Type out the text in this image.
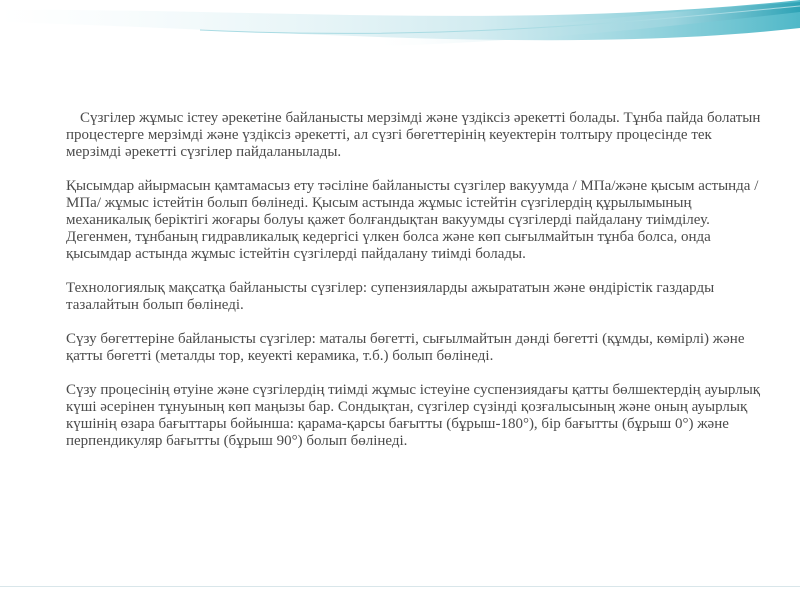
Сүзгілер жұмыс істеу әрекетіне байланысты мерзімді және үздіксіз әрекетті болады. Тұнба пайда болатын процестерге мерзімді және үздіксіз әрекетті, ал сүзгі бөгеттерінің кеуектерін толтыру процесінде тек мерзімді әрекетті сүзгілер пайдаланылады.

Қысымдар айырмасын қамтамасыз ету тәсіліне байланысты сүзгілер вакуумда / МПа/және қысым астында / МПа/ жұмыс істейтін болып бөлінеді. Қысым астында жұмыс істейтін сүзгілердің құрылымының механикалық беріктігі жоғары болуы қажет болғандықтан вакуумды сүзгілерді пайдалану тиімділеу. Дегенмен, тұнбаның гидравликалық кедергісі үлкен болса және көп сығылмайтын тұнба болса, онда қысымдар астында жұмыс істейтін сүзгілерді пайдалану тиімді болады.

Технологиялық мақсатқа байланысты сүзгілер: супензияларды ажырататын және өндірістік газдарды тазалайтын болып бөлінеді.

Сүзу бөгеттеріне байланысты сүзгілер: маталы бөгетті, сығылмайтын дәнді бөгетті (құмды, көмірлі) және қатты бөгетті (металды тор, кеуекті керамика, т.б.) болып бөлінеді.

Сүзу процесінің өтуіне және сүзгілердің тиімді жұмыс істеуіне суспензиядағы қатты бөлшектердің ауырлық күші әсерінен тұнуының көп маңызы бар. Сондықтан, сүзгілер сүзінді қозғалысының және оның ауырлық күшінің өзара бағыттары бойынша: қарама-қарсы бағытты (бұрыш-180°), бір бағытты (бұрыш 0°) және перпендикуляр бағытты (бұрыш 90°) болып бөлінеді.
